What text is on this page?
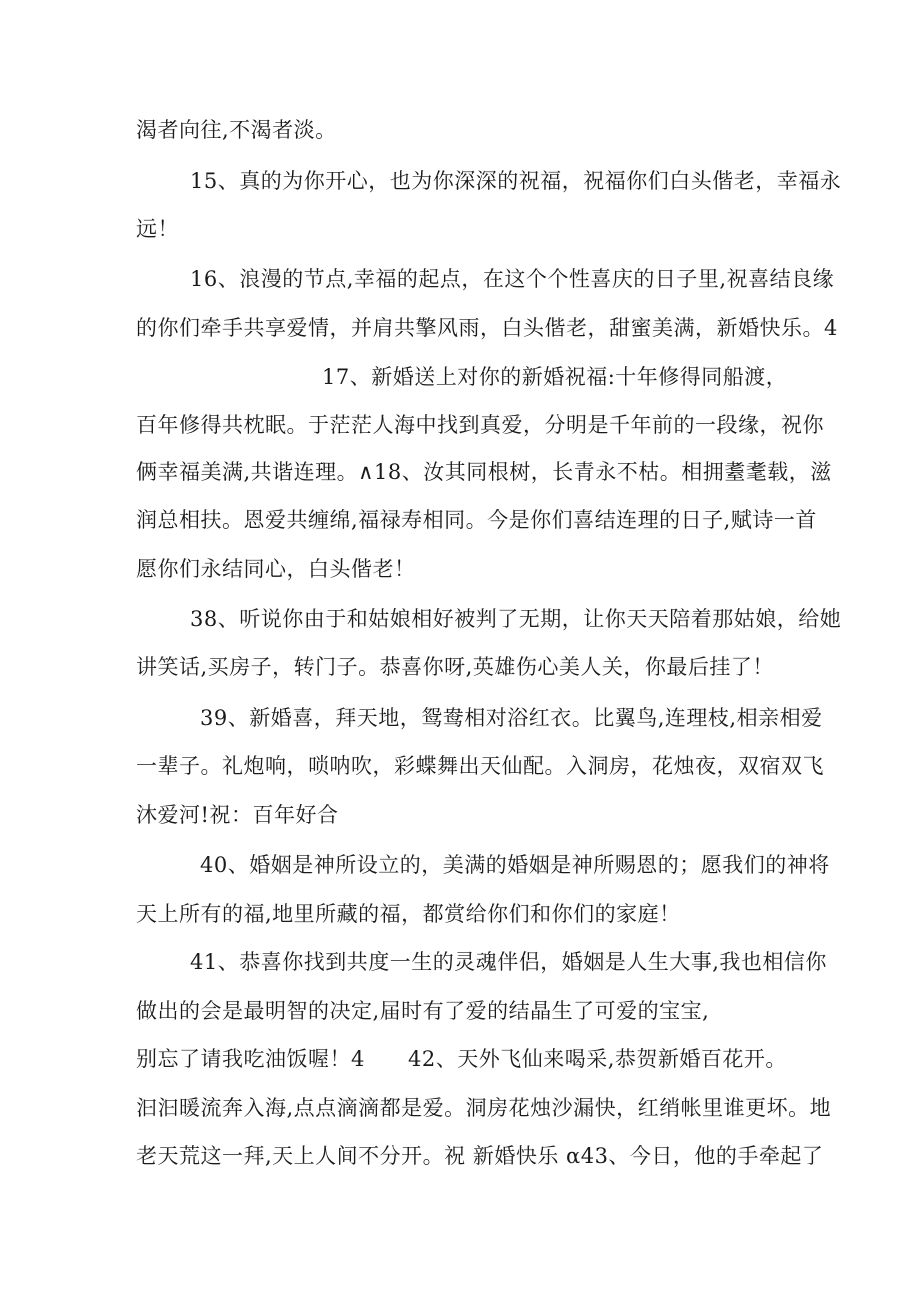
渴者向往,不渴者淡。

15、真的为你开心，也为你深深的祝福，祝福你们白头偕老，幸福永

远！

16、浪漫的节点,幸福的起点，在这个个性喜庆的日子里,祝喜结良缘

的你们牵手共享爱情，并肩共擎风雨，白头偕老，甜蜜美满，新婚快乐。4

17、新婚送上对你的新婚祝福:十年修得同船渡，

百年修得共枕眠。于茫茫人海中找到真爱，分明是千年前的一段缘，祝你

俩幸福美满,共谐连理。∧18、汝其同根树，长青永不枯。相拥耋耄载，滋

润总相扶。恩爱共缠绵,福禄寿相同。今是你们喜结连理的日子,赋诗一首

愿你们永结同心，白头偕老！

38、听说你由于和姑娘相好被判了无期，让你天天陪着那姑娘，给她

讲笑话,买房子，转门子。恭喜你呀,英雄伤心美人关，你最后挂了！

39、新婚喜，拜天地，鸳鸯相对浴红衣。比翼鸟,连理枝,相亲相爱

一辈子。礼炮响，唢呐吹，彩蝶舞出天仙配。入洞房，花烛夜，双宿双飞

沐爱河!祝：百年好合

40、婚姻是神所设立的，美满的婚姻是神所赐恩的；愿我们的神将

天上所有的福,地里所藏的福，都赏给你们和你们的家庭！

41、恭喜你找到共度一生的灵魂伴侣，婚姻是人生大事,我也相信你

做出的会是最明智的决定,届时有了爱的结晶生了可爱的宝宝,

别忘了请我吃油饭喔！4 42、天外飞仙来喝采,恭贺新婚百花开。

汩汩暖流奔入海,点点滴滴都是爱。洞房花烛沙漏快，红绡帐里谁更坏。地

老天荒这一拜,天上人间不分开。祝 新婚快乐 α43、今日，他的手牵起了
